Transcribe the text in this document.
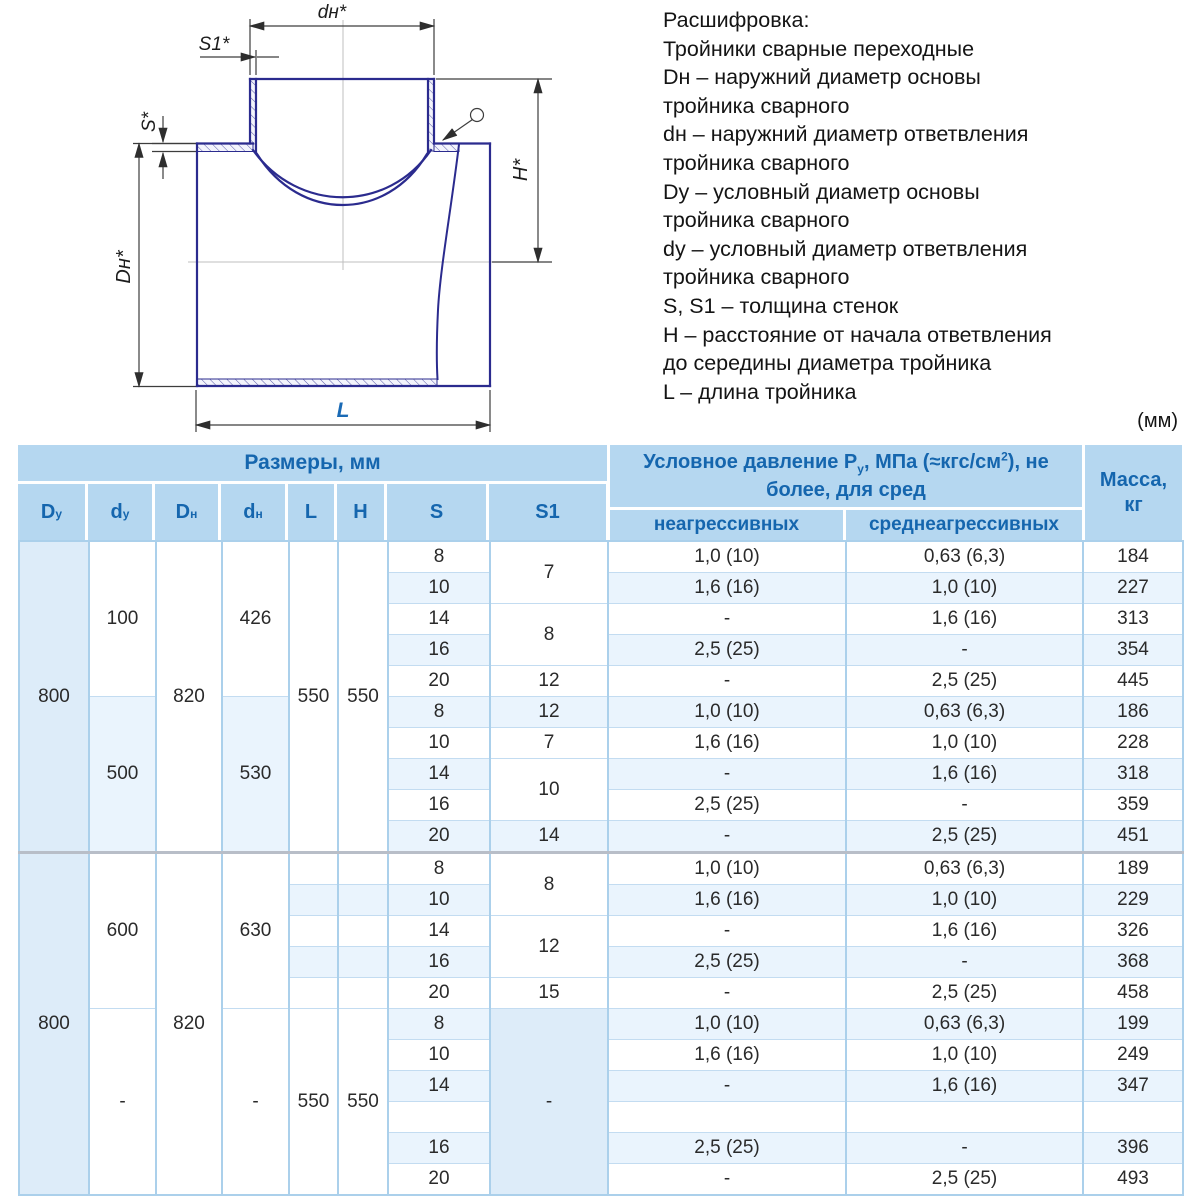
dн*
S1*
S*
Dн*
H*
L
Расшифровка:
Тройники сварные переходные
Dн – наружний диаметр основы
тройника сварного
dн – наружний диаметр ответвления
тройника сварного
Dу – условный диаметр основы
тройника сварного
dу – условный диаметр ответвления
тройника сварного
S, S1 – толщина стенок
H – расстояние от начала ответвления
до середины диаметра тройника
L – длина тройника
(мм)
Размеры, мм
D у d у D н d н L H	S	S1
Условное давление $P_у$, МПа $(\approx кгс/см^2)$, не более, для сред
неагрессивных	среднеагрессивных
Масса,
кг
800	100	820	426	550	550	8	7	1,0 (10)	0,63 (6,3)	184
						10		1,6 (16)	1,0 (10)	227
						14	8	-	1,6 (16)	313
						16		2,5 (25)	-	354
						20	12	-	2,5 (25)	445
	500		530			8	12	1,0 (10)	0,63 (6,3)	186
						10	7	1,6 (16)	1,0 (10)	228
						14	10	-	1,6 (16)	318
						16		2,5 (25)	-	359
						20	14	-	2,5 (25)	451
800	600	820	630			8	8	1,0 (10)	0,63 (6,3)	189
						10		1,6 (16)	1,0 (10)	229
						14	12	-	1,6 (16)	326
						16		2,5 (25)	-	368
						20	15	-	2,5 (25)	458
	-		-	550	550	8	-	1,0 (10)	0,63 (6,3)	199
						10		1,6 (16)	1,0 (10)	249
						14		-	1,6 (16)	347

						16		2,5 (25)	-	396
						20		-	2,5 (25)	493
